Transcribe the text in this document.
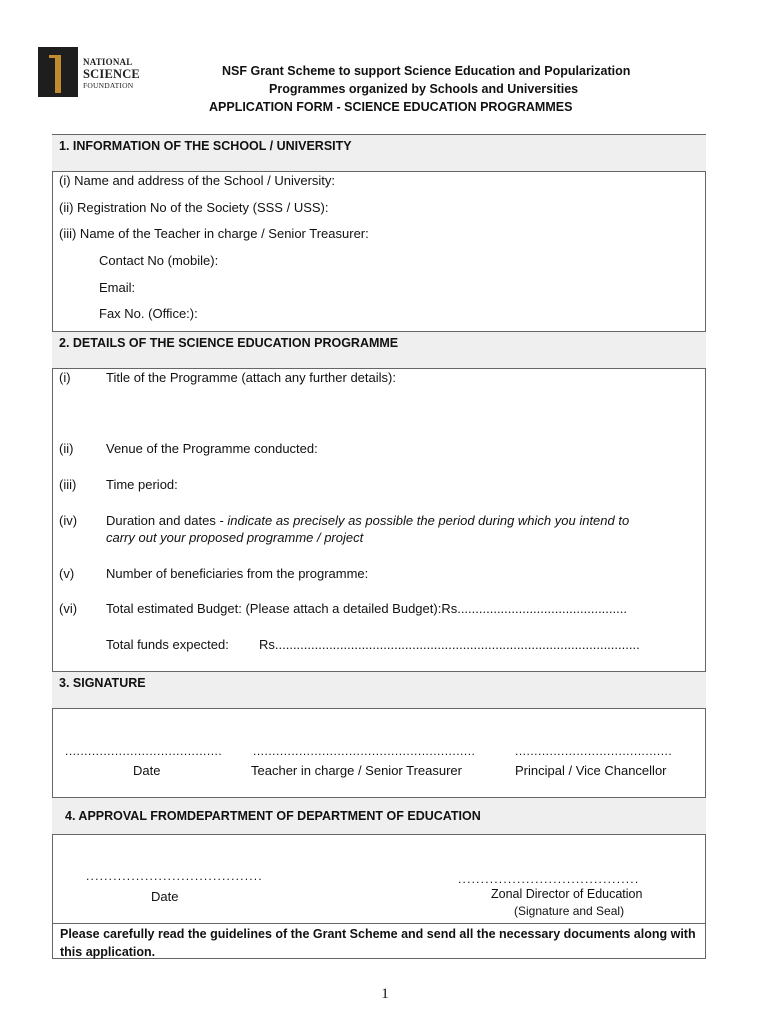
NATIONAL
SCIENCE
FOUNDATION
NSF Grant Scheme to support Science Education and Popularization
Programmes organized by Schools and Universities
APPLICATION FORM - SCIENCE EDUCATION PROGRAMMES
1. INFORMATION OF THE SCHOOL / UNIVERSITY
(i) Name and address of the School / University:
(ii) Registration No of the Society (SSS / USS):
(iii) Name of the Teacher in charge / Senior Treasurer:
Contact No (mobile):
Email:
Fax No. (Office:):
2. DETAILS OF THE SCIENCE EDUCATION PROGRAMME
(i)	Title of the Programme (attach any further details):
(ii)	Venue of the Programme conducted:
(iii) Time period:
(iv) Duration and dates - indicate as precisely as possible the period during which you intend to
carry out your proposed programme / project
(v) Number of beneficiaries from the programme:
(vi) Total estimated Budget: (Please attach a detailed Budget):Rs...............................................
Total funds expected: Rs.....................................................................................................
3. SIGNATURE
.........................................	..........................................................	.........................................
Date	Teacher in charge / Senior Treasurer	Principal / Vice Chancellor
4. APPROVAL FROMDEPARTMENT OF DEPARTMENT OF EDUCATION
.......................................
Date
........................................
Zonal Director of Education
(Signature and Seal)
Please carefully read the guidelines of the Grant Scheme and send all the necessary documents along with this application.
1
